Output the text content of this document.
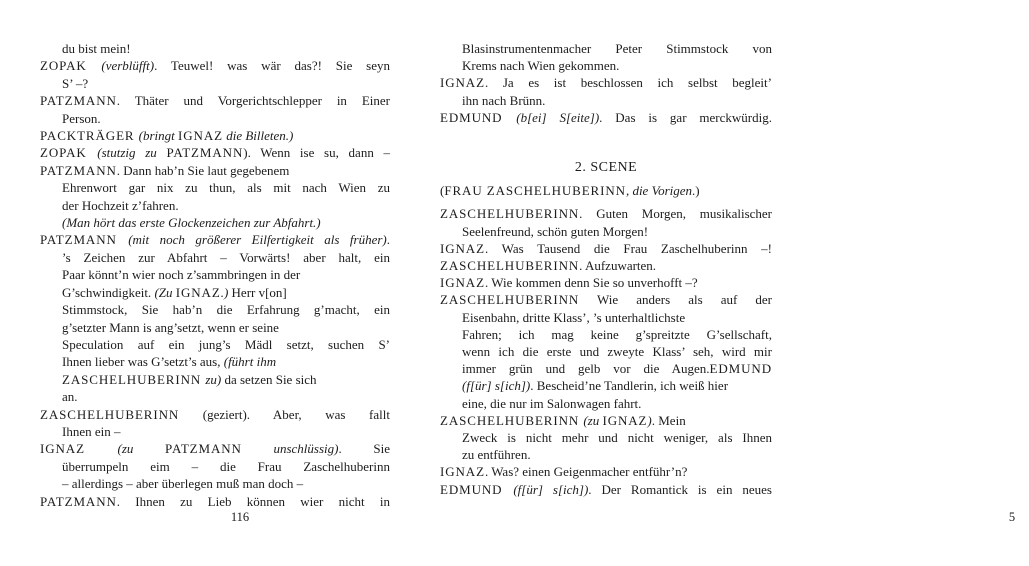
du bist mein!
ZOPAK (verblüfft). Teuwel! was wär das?! Sie seyn
S’ –?
PATZMANN. Thäter und Vorgerichtschlepper in Einer
Person.
PACKTRÄGER (bringt IGNAZ die Billeten.)
ZOPAK (stutzig zu PATZMANN). Wenn ise su, dann –
PATZMANN. Dann hab’n Sie laut gegebenem
Ehrenwort gar nix zu thun, als mit nach Wien zu
der Hochzeit z’fahren.
(Man hört das erste Glockenzeichen zur Abfahrt.)
PATZMANN (mit noch größerer Eilfertigkeit als früher).
’s Zeichen zur Abfahrt – Vorwärts! aber halt, ein
Paar könnt’n wier noch z’sammbringen in der
G’schwindigkeit. (Zu IGNAZ.) Herr v[on]
Stimmstock, Sie hab’n die Erfahrung g’macht, ein
g’setzter Mann is ang’setzt, wenn er seine
Speculation auf ein jung’s Mädl setzt, suchen S’
Ihnen lieber was G’setzt’s aus, (führt ihm
ZASCHELHUBERINN zu) da setzen Sie sich
an.
ZASCHELHUBERINN (geziert). Aber, was fallt
Ihnen ein –
IGNAZ (zu PATZMANN unschlüssig). Sie
überrumpeln eim – die Frau Zaschelhuberinn
– allerdings – aber überlegen muß man doch –
PATZMANN. Ihnen zu Lieb können wier nicht in
116
Blasinstrumentenmacher Peter Stimmstock von
Krems nach Wien gekommen.
IGNAZ. Ja es ist beschlossen ich selbst begleit’
ihn nach Brünn.
EDMUND (b[ei] S[eite]). Das is gar merckwürdig.
2. SCENE
(FRAU ZASCHELHUBERINN, die Vorigen.)
ZASCHELHUBERINN. Guten Morgen, musikalischer
Seelenfreund, schön guten Morgen!
IGNAZ. Was Tausend die Frau Zaschelhuberinn –!
ZASCHELHUBERINN. Aufzuwarten.
IGNAZ. Wie kommen denn Sie so unverhofft –?
ZASCHELHUBERINN Wie anders als auf der
Eisenbahn, dritte Klass’, ’s unterhaltlichste
Fahren; ich mag keine g’spreitzte G’sellschaft,
wenn ich die erste und zweyte Klass’ seh, wird mir
immer grün und gelb vor die Augen.EDMUND
(f[ür] s[ich]). Bescheid’ne Tandlerin, ich weiß hier
eine, die nur im Salonwagen fahrt.
ZASCHELHUBERINN (zu IGNAZ). Mein
Zweck is nicht mehr und nicht weniger, als Ihnen
zu entführen.
IGNAZ. Was? einen Geigenmacher entführ’n?
EDMUND (f[ür] s[ich]). Der Romantick is ein neues
5
